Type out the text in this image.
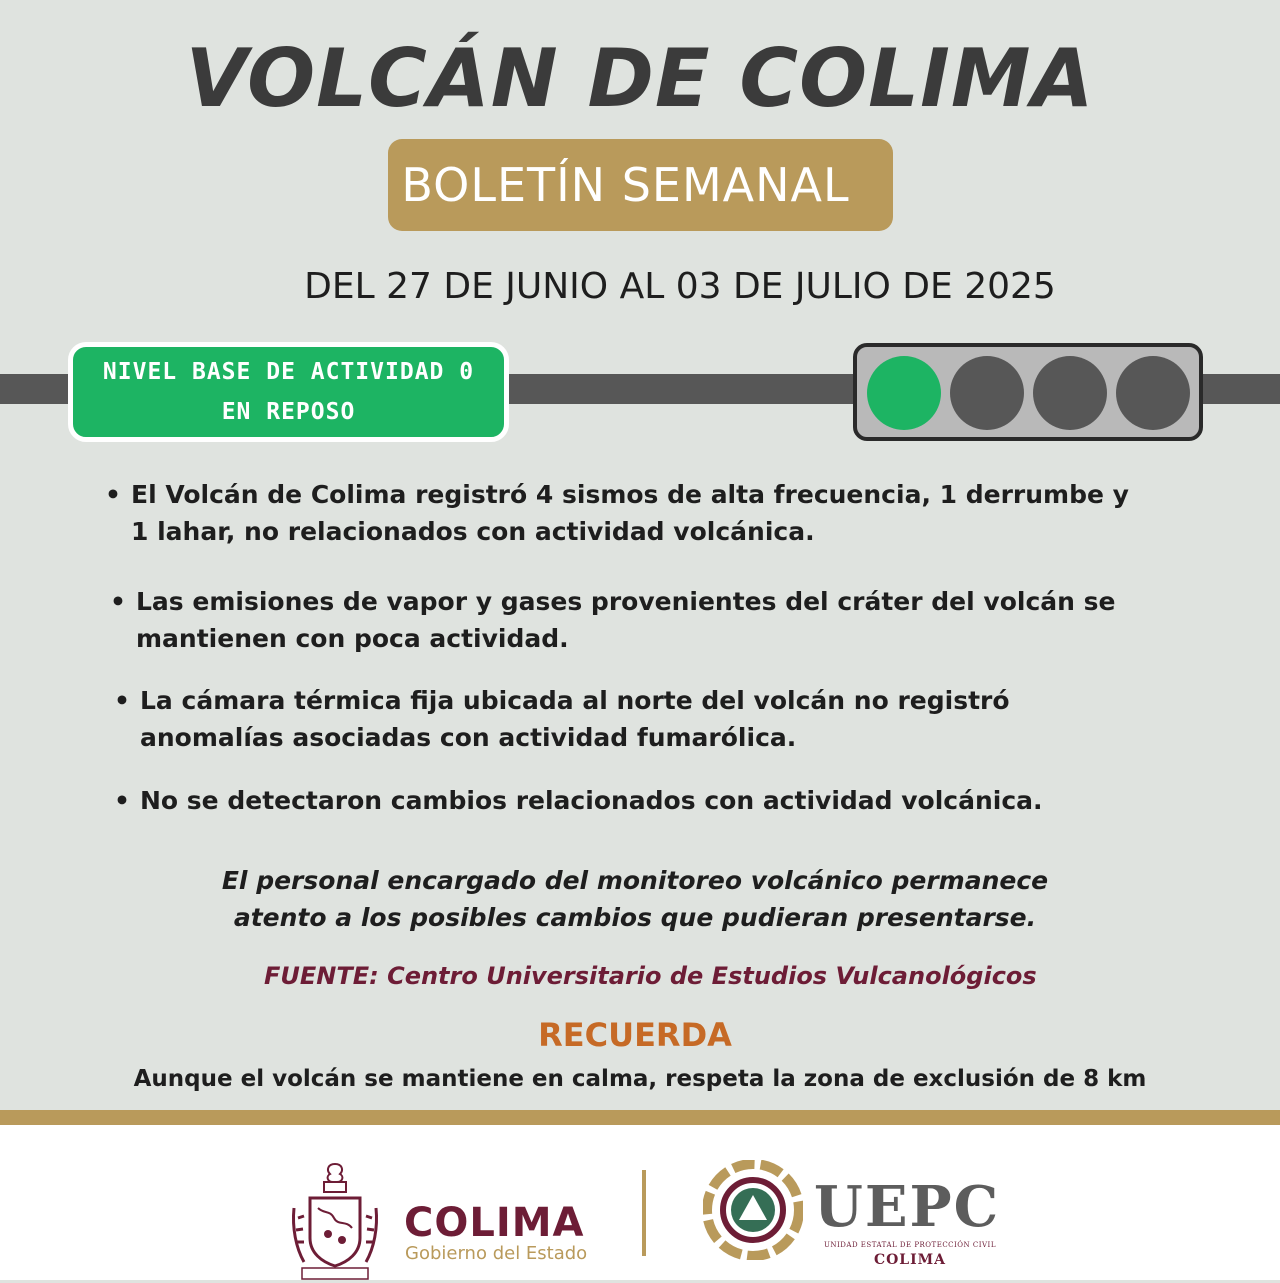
VOLCÁN DE COLIMA
BOLETÍN SEMANAL
DEL 27 DE JUNIO AL 03 DE JULIO DE 2025
NIVEL BASE DE ACTIVIDAD 0
EN REPOSO
• El Volcán de Colima registró 4 sismos de alta frecuencia, 1 derrumbe y
1 lahar, no relacionados con actividad volcánica.
• Las emisiones de vapor y gases provenientes del cráter del volcán se
mantienen con poca actividad.
• La cámara térmica fija ubicada al norte del volcán no registró
anomalías asociadas con actividad fumarólica.
• No se detectaron cambios relacionados con actividad volcánica.
El personal encargado del monitoreo volcánico permanece
atento a los posibles cambios que pudieran presentarse.
FUENTE: Centro Universitario de Estudios Vulcanológicos
RECUERDA
Aunque el volcán se mantiene en calma, respeta la zona de exclusión de 8 km
COLIMA
Gobierno del Estado
UEPC
UNIDAD ESTATAL DE PROTECCIÓN CIVIL
COLIMA
